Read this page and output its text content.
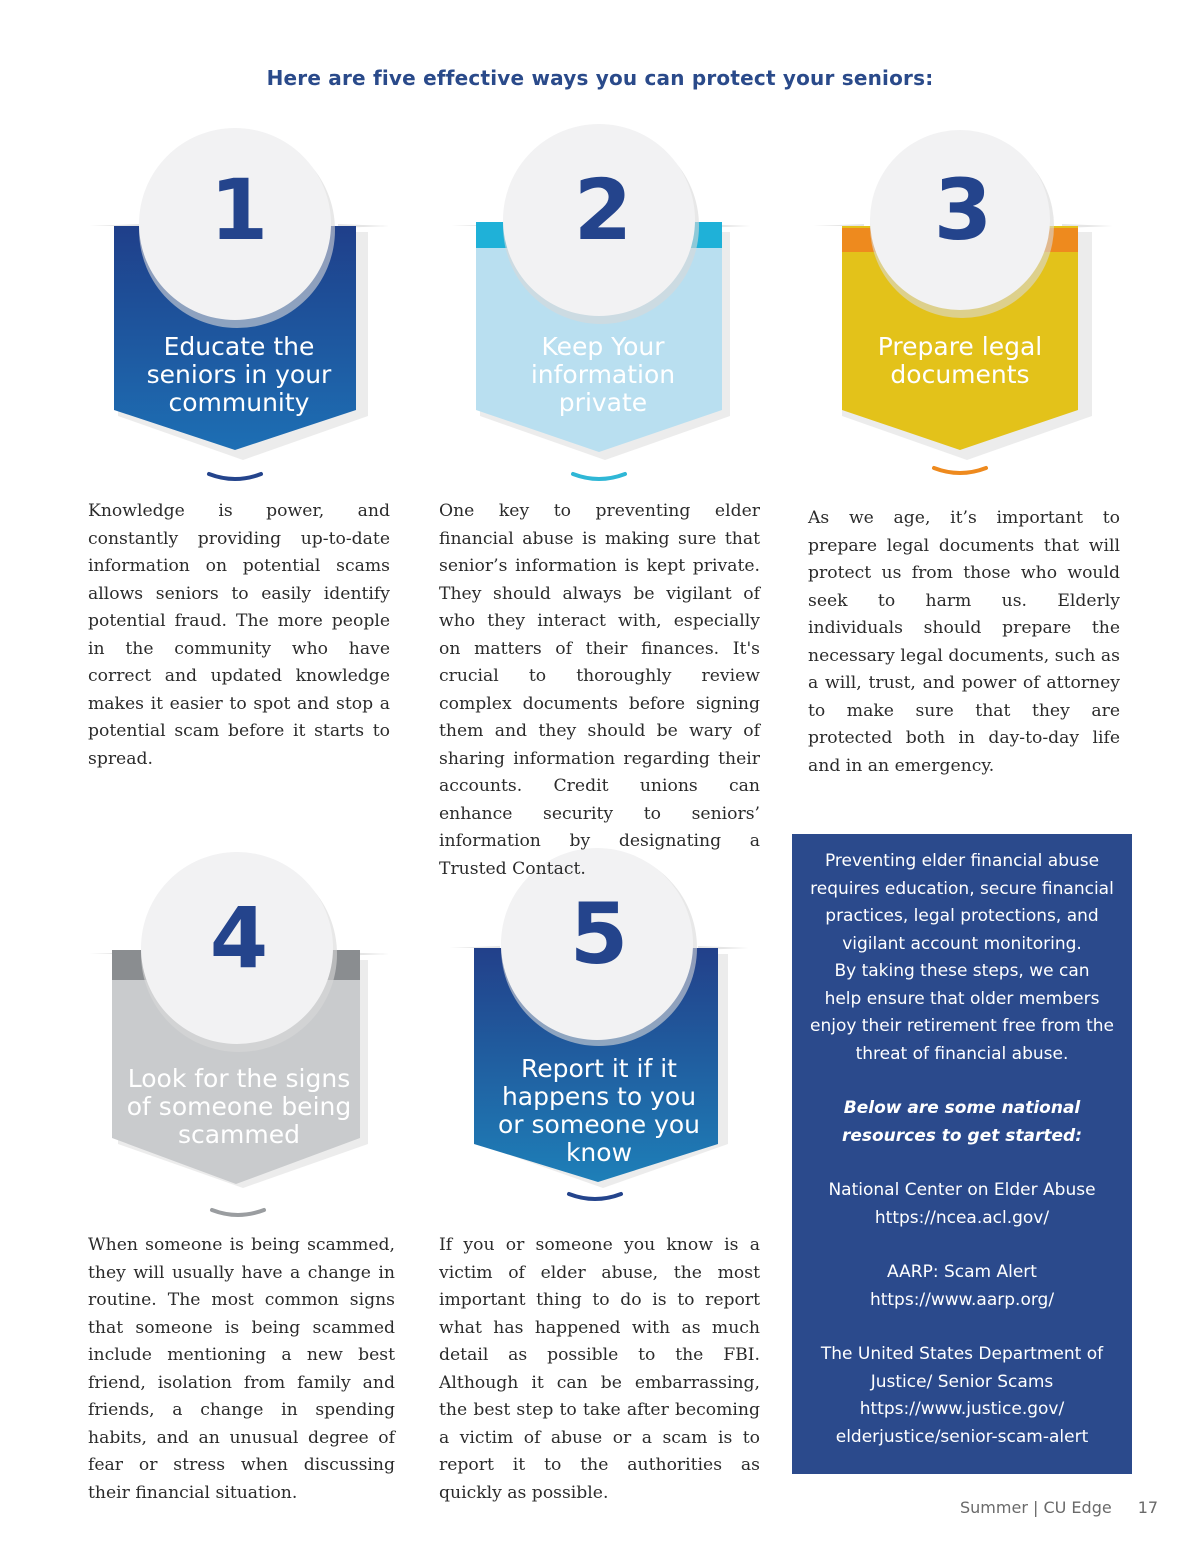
Here are five effective ways you can protect your seniors:
1
Educate the
seniors in your
community
2
Keep Your
information
private
3
Prepare legal
documents
4
Look for the signs
of someone being
scammed
5
Report it if it
happens to you
or someone you
know

Knowledge is power, and constantly providing up-to-date information on potential scams allows seniors to easily identify potential fraud. The more people in the community who have correct and updated knowledge makes it easier to spot and stop a potential scam before it starts to spread.

One key to preventing elder financial abuse is making sure that senior’s information is kept private. They should always be vigilant of who they interact with, especially on matters of their finances. It's crucial to thoroughly review complex documents before signing them and they should be wary of sharing information regarding their accounts. Credit unions can enhance security to seniors’ information by designating a Trusted Contact.

As we age, it’s important to prepare legal documents that will protect us from those who would seek to harm us. Elderly individuals should prepare the necessary legal documents, such as a will, trust, and power of attorney to make sure that they are protected both in day-to-day life and in an emergency.

When someone is being scammed, they will usually have a change in routine. The most common signs that someone is being scammed include mentioning a new best friend, isolation from family and friends, a change in spending habits, and an unusual degree of fear or stress when discussing their financial situation.

If you or someone you know is a victim of elder abuse, the most important thing to do is to report what has happened with as much detail as possible to the FBI. Although it can be embarrassing, the best step to take after becoming a victim of abuse or a scam is to report it to the authorities as quickly as possible.

Preventing elder financial abuse

requires education, secure financial

practices, legal protections, and

vigilant account monitoring.

By taking these steps, we can

help ensure that older members

enjoy their retirement free from the

threat of financial abuse.

Below are some national

resources to get started:

National Center on Elder Abuse

https://ncea.acl.gov/

AARP: Scam Alert

https://www.aarp.org/

The United States Department of

Justice/ Senior Scams

https://www.justice.gov/

elderjustice/senior-scam-alert

Summer | CU Edge 17
